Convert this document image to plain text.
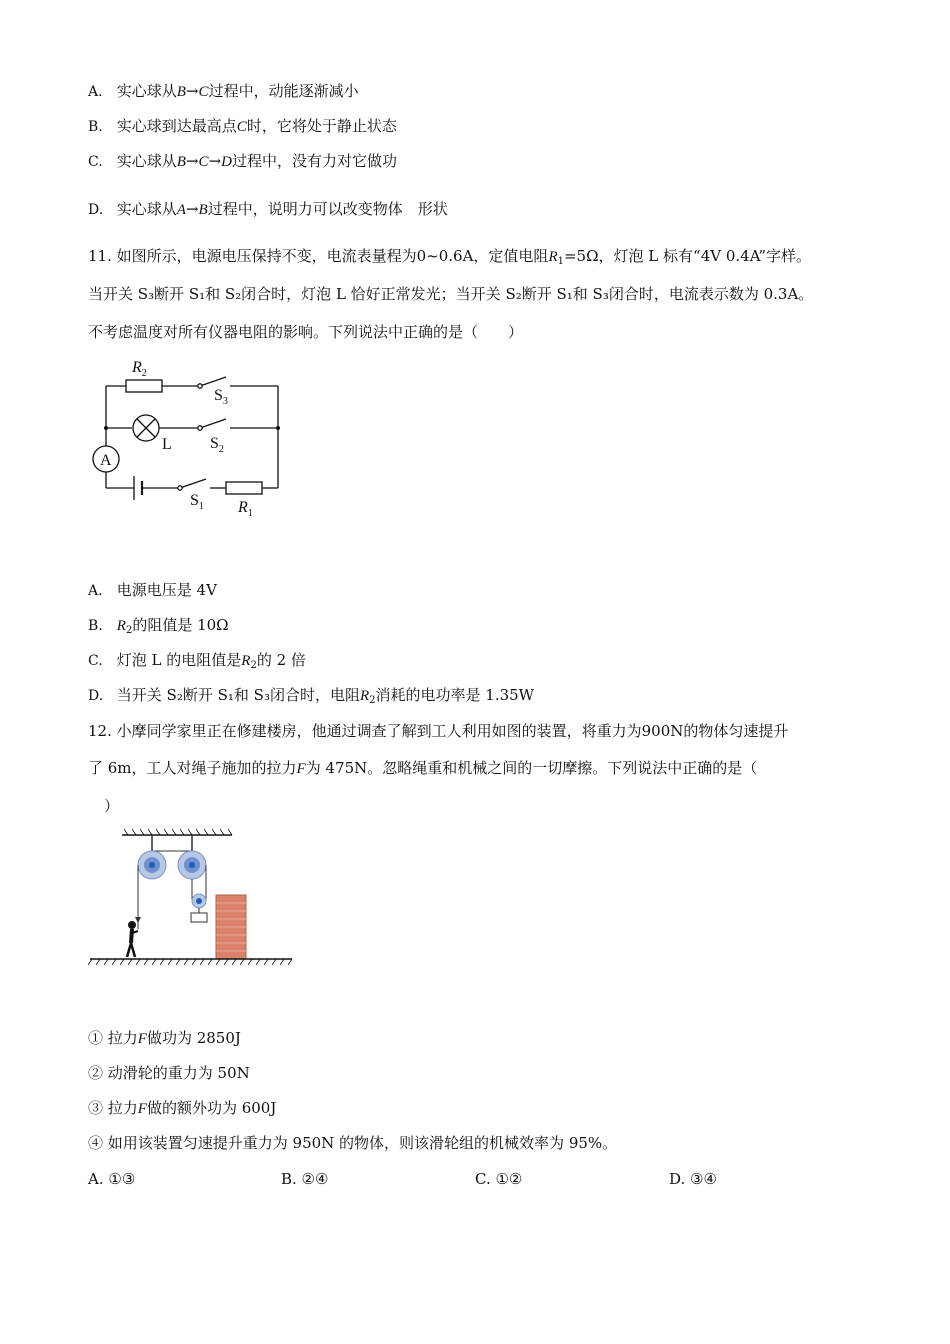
A. 实心球从B→C过程中，动能逐渐减小
B. 实心球到达最高点C时，它将处于静止状态
C. 实心球从B→C→D过程中，没有力对它做功
D. 实心球从A→B过程中，说明力可以改变物体　形状
11. 如图所示，电源电压保持不变，电流表量程为0~0.6A，定值电阻$R_1=5\Omega$，灯泡 L 标有“4V 0.4A”字样。
当开关 S₃断开 S₁和 S₂闭合时，灯泡 L 恰好正常发光；当开关 S₂断开 S₁和 S₃闭合时，电流表示数为 0.3A。
不考虑温度对所有仪器电阻的影响。下列说法中正确的是（　　）
$R_2$
$S_3$
L $S_2$
A
$S_1$ $R_1$
A. 电源电压是 4V
B. $R_2$的阻值是 10Ω
C. 灯泡 L 的电阻值是$R_2$的 2 倍
D. 当开关 S₂断开 S₁和 S₃闭合时，电阻$R_2$消耗的电功率是 1.35W
12. 小摩同学家里正在修建楼房，他通过调查了解到工人利用如图的装置，将重力为900N的物体匀速提升
了 6m，工人对绳子施加的拉力F为 475N。忽略绳重和机械之间的一切摩擦。下列说法中正确的是（
）
① 拉力F做功为 2850J
② 动滑轮的重力为 50N
③ 拉力F做的额外功为 600J
④ 如用该装置匀速提升重力为 950N 的物体，则该滑轮组的机械效率为 95%。
A. ①③	B. ②④	C. ①②	D. ③④
